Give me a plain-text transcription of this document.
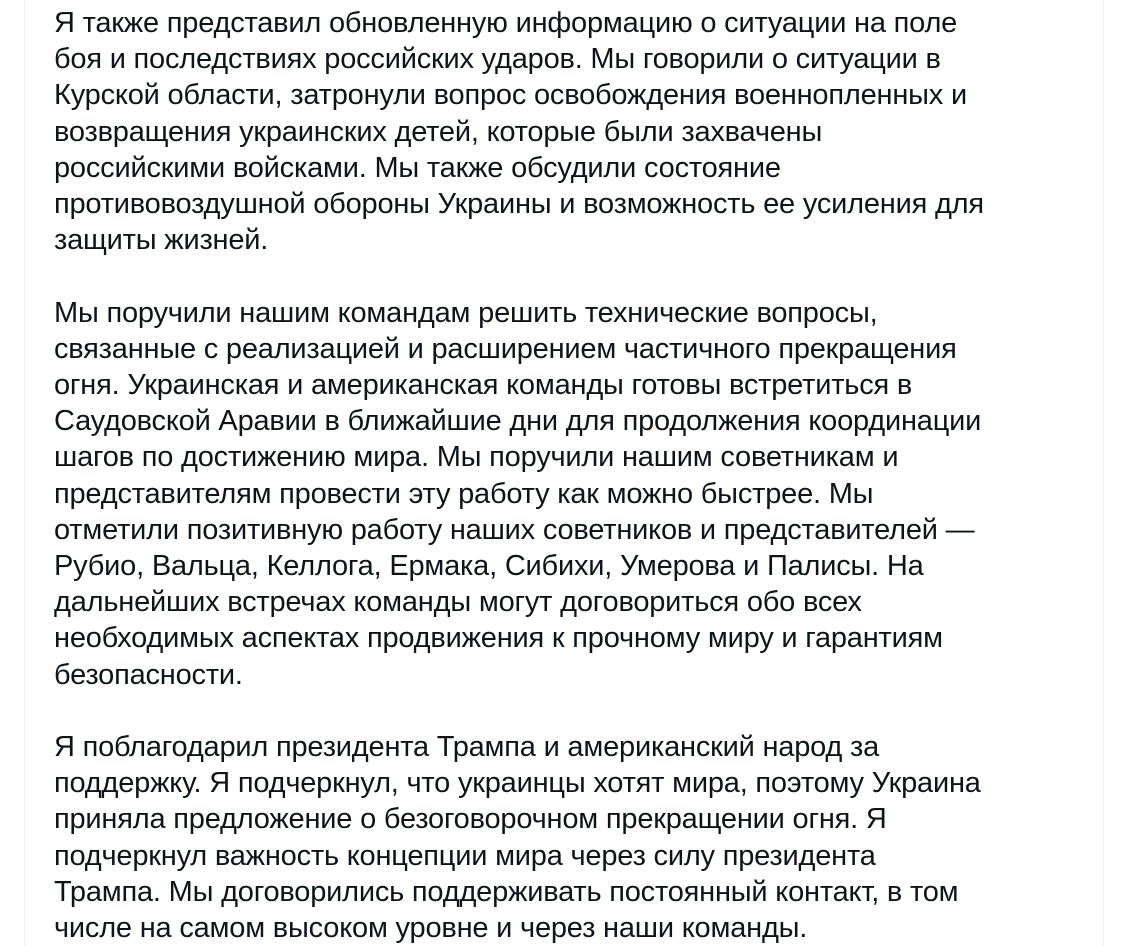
Я также представил обновленную информацию о ситуации на поле
боя и последствиях российских ударов. Мы говорили о ситуации в
Курской области, затронули вопрос освобождения военнопленных и
возвращения украинских детей, которые были захвачены
российскими войсками. Мы также обсудили состояние
противовоздушной обороны Украины и возможность ее усиления для
защиты жизней.
Мы поручили нашим командам решить технические вопросы,
связанные с реализацией и расширением частичного прекращения
огня. Украинская и американская команды готовы встретиться в
Саудовской Аравии в ближайшие дни для продолжения координации
шагов по достижению мира. Мы поручили нашим советникам и
представителям провести эту работу как можно быстрее. Мы
отметили позитивную работу наших советников и представителей —
Рубио, Вальца, Келлога, Ермака, Сибихи, Умерова и Палисы. На
дальнейших встречах команды могут договориться обо всех
необходимых аспектах продвижения к прочному миру и гарантиям
безопасности.
Я поблагодарил президента Трампа и американский народ за
поддержку. Я подчеркнул, что украинцы хотят мира, поэтому Украина
приняла предложение о безоговорочном прекращении огня. Я
подчеркнул важность концепции мира через силу президента
Трампа. Мы договорились поддерживать постоянный контакт, в том
числе на самом высоком уровне и через наши команды.
